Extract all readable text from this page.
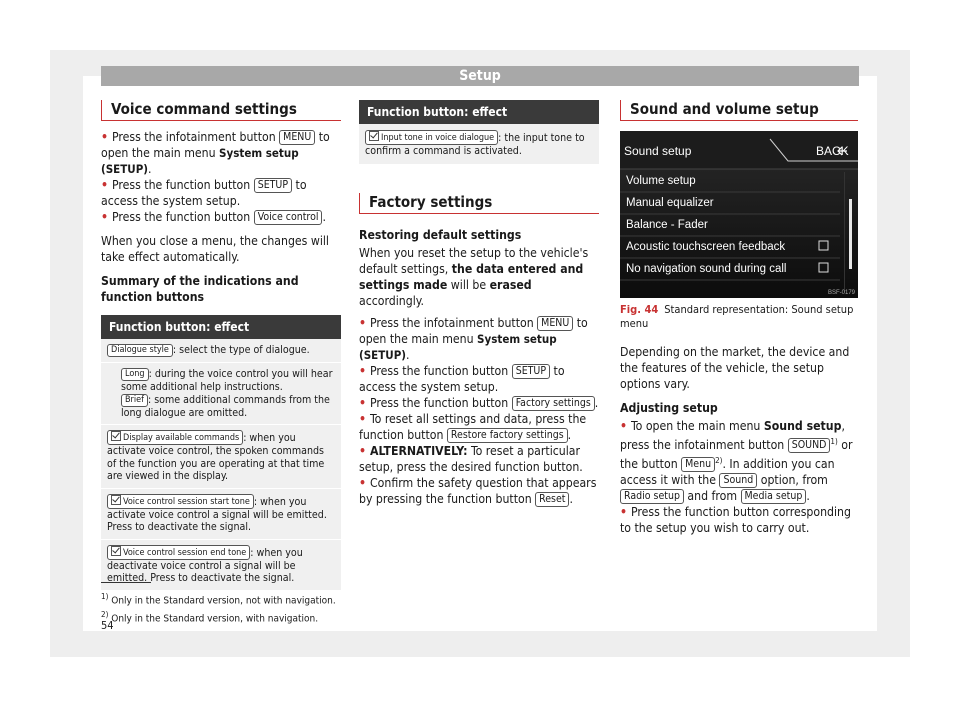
Setup
Voice command settings

• Press the infotainment button MENU to open the main menu System setup (SETUP).

• Press the function button SETUP to access the system setup.

• Press the function button Voice control .

When you close a menu, the changes will take effect automatically.

Summary of the indications and function buttons

Function button: effect
Dialogue style : select the type of dialogue.
Long : during the voice control you will hear some additional help instructions.
Brief : some additional commands from the long dialogue are omitted.
Display available commands : when you activate voice control, the spoken commands of the function you are operating at that time are viewed in the display.
Voice control session start tone : when you activate voice control a signal will be emitted. Press to deactivate the signal.
Voice control session end tone : when you deactivate voice control a signal will be emitted. Press to deactivate the signal.
Function button: effect
Input tone in voice dialogue : the input tone to confirm a command is activated.
Factory settings

Restoring default settings

When you reset the setup to the vehicle's default settings, the data entered and settings made will be erased accordingly.

• Press the infotainment button MENU to open the main menu System setup (SETUP).

• Press the function button SETUP to access the system setup.

• Press the function button Factory settings .

• To reset all settings and data, press the function button Restore factory settings .

• ALTERNATIVELY: To reset a particular setup, press the desired function button.

• Confirm the safety question that appears by pressing the function button Reset .

Sound and volume setup
Sound setup	BACK
Volume setup
Manual equalizer
Balance - Fader
Acoustic touchscreen feedback
No navigation sound during call
BSF-0179
Fig. 44 Standard representation: Sound setup menu

Depending on the market, the device and the features of the vehicle, the setup options vary.

Adjusting setup

• To open the main menu Sound setup, press the infotainment button SOUND $^{1)}$ or the button Menu $^{2)}$. In addition you can access it with the Sound option, from Radio setup and from Media setup .

• Press the function button corresponding to the setup you wish to carry out.

$^{1)}$ Only in the Standard version, not with navigation.
$^{2)}$ Only in the Standard version, with navigation.
54
